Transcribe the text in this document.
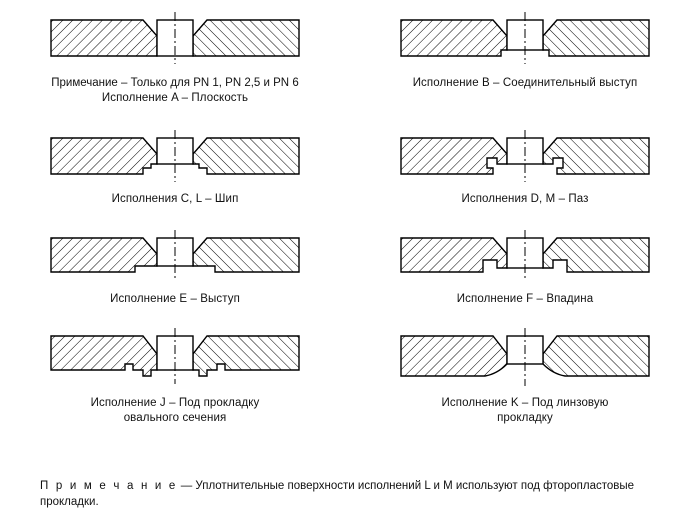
Примечание – Только для PN 1, PN 2,5 и PN 6
Исполнение A – Плоскость
Исполнение B – Соединительный выступ
Исполнения C, L – Шип	Исполнения D, M – Паз
Исполнение E – Выступ	Исполнение F – Впадина
Исполнение J – Под прокладку
овального сечения
Исполнение K – Под линзовую
прокладку
П р и м е ч а н и е — Уплотнительные поверхности исполнений L и M используют под фторопластовые прокладки.
